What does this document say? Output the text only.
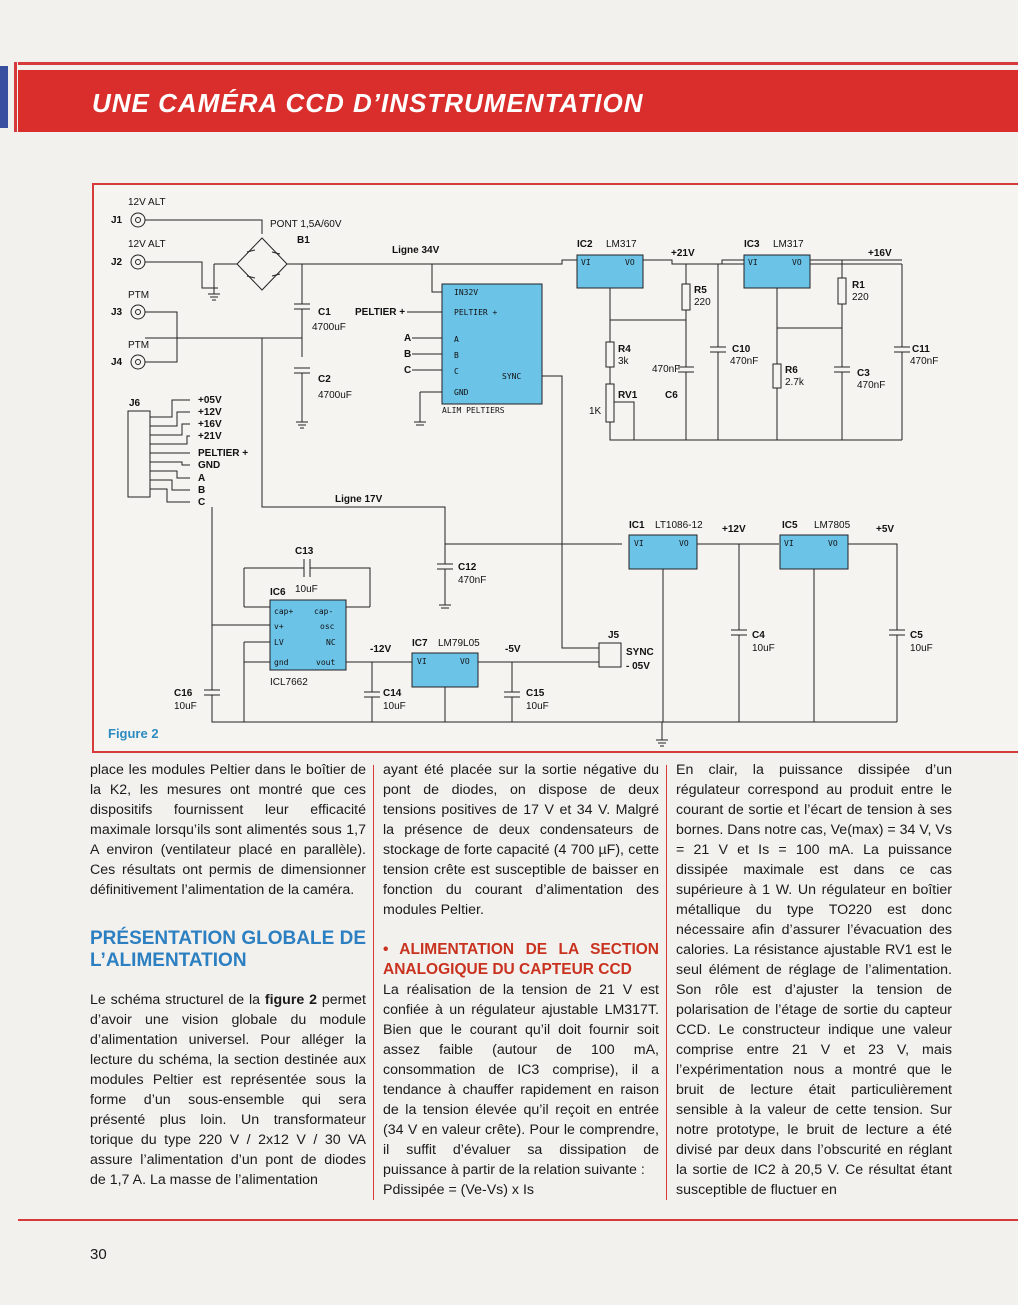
UNE CAMÉRA CCD D’INSTRUMENTATION
12V ALT
J1
12V ALT
J2
PTM
J3
PTM
J4
PONT 1,5A/60V
B1
Ligne 34V
C1
4700uF
C2
4700uF
IN32V
PELTIER +
A
B
C
GND
SYNC
ALIM PELTIERS
PELTIER +
A
B
C
IC2 LM317
VI	VO
+21V
R4
3k
RV1
1K
R5
220
470nF
C6
IC3 LM317
VI	VO
+16V
C10
470nF
R6
2.7k
R1
220
C3
470nF
C11
470nF
J6	+05V
+12V
+16V
+21V
PELTIER +
GND
A
B
C	Ligne 17V
C12
470nF
IC1 LT1086-12
VI	VO
+12V
C4
10uF
IC5 LM7805
VI	VO
+5V
C5
10uF
C16
10uF
C13
10uF
IC6
cap+	cap-
v+	osc
LV	NC
gnd	vout
ICL7662
-12V
C14
10uF
IC7 LM79L05
VI	VO
-5V
C15
10uF
J5
SYNC
- 05V
Figure 2

place les modules Peltier dans le boîtier de la K2, les mesures ont montré que ces dispositifs fournissent leur efficacité maximale lorsqu’ils sont alimentés sous 1,7 A environ (ventilateur placé en parallèle). Ces résultats ont permis de dimensionner définitivement l’alimentation de la caméra.

PRÉSENTATION GLOBALE DE L’ALIMENTATION

Le schéma structurel de la figure 2 permet d’avoir une vision globale du module d’alimentation universel. Pour alléger la lecture du schéma, la section destinée aux modules Peltier est représentée sous la forme d’un sous-ensemble qui sera présenté plus loin. Un transformateur torique du type 220 V / 2x12 V / 30 VA assure l’alimentation d’un pont de diodes de 1,7 A. La masse de l’alimentation

ayant été placée sur la sortie négative du pont de diodes, on dispose de deux tensions positives de 17 V et 34 V. Malgré la présence de deux condensateurs de stockage de forte capacité (4 700 µF), cette tension crête est susceptible de baisser en fonction du courant d’alimentation des modules Peltier.

• ALIMENTATION DE LA SECTION ANALOGIQUE DU CAPTEUR CCD

La réalisation de la tension de 21 V est confiée à un régulateur ajustable LM317T. Bien que le courant qu’il doit fournir soit assez faible (autour de 100 mA, consommation de IC3 comprise), il a tendance à chauffer rapidement en raison de la tension élevée qu’il reçoit en entrée (34 V en valeur crête). Pour le comprendre, il suffit d’évaluer sa dissipation de puissance à partir de la relation suivante :

Pdissipée = (Ve-Vs) x Is

En clair, la puissance dissipée d’un régulateur correspond au produit entre le courant de sortie et l’écart de tension à ses bornes. Dans notre cas, Ve(max) = 34 V, Vs = 21 V et Is = 100 mA. La puissance dissipée maximale est dans ce cas supérieure à 1 W. Un régulateur en boîtier métallique du type TO220 est donc nécessaire afin d’assurer l’évacuation des calories. La résistance ajustable RV1 est le seul élément de réglage de l’alimentation. Son rôle est d’ajuster la tension de polarisation de l’étage de sortie du capteur CCD. Le constructeur indique une valeur comprise entre 21 V et 23 V, mais l’expérimentation nous a montré que le bruit de lecture était particulièrement sensible à la valeur de cette tension. Sur notre prototype, le bruit de lecture a été divisé par deux dans l’obscurité en réglant la sortie de IC2 à 20,5 V. Ce résultat étant susceptible de fluctuer en

30
